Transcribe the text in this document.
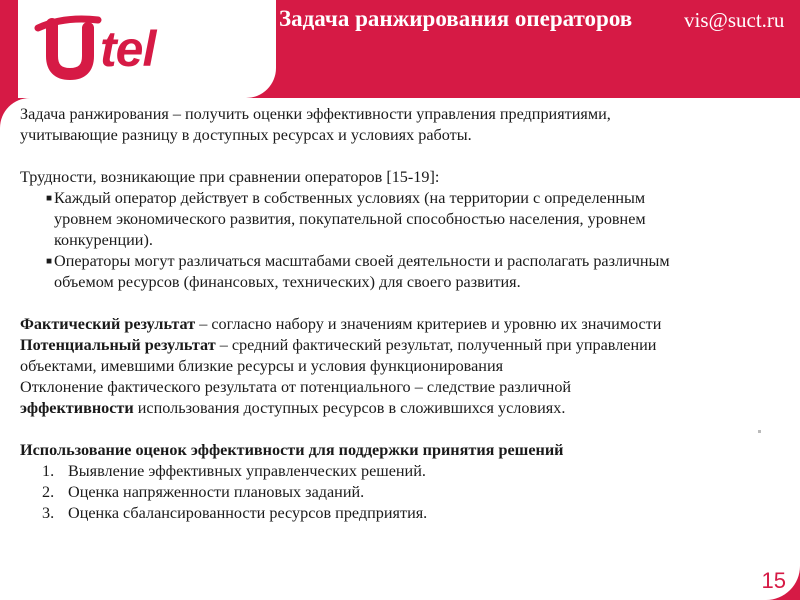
tel
Задача ранжирования операторов vis@suct.ru
15

Задача ранжирования – получить оценки эффективности управления предприятиями,

учитывающие разницу в доступных ресурсах и условиях работы.

Трудности, возникающие при сравнении операторов [15-19]:

■ Каждый оператор действует в собственных условиях (на территории с определенным
уровнем экономического развития, покупательной способностью населения, уровнем
конкуренции).
■ Операторы могут различаться масштабами своей деятельности и располагать различным
объемом ресурсов (финансовых, технических) для своего развития.

Фактический результат – согласно набору и значениям критериев и уровню их значимости

Потенциальный результат – средний фактический результат, полученный при управлении

объектами, имевшими близкие ресурсы и условия функционирования

Отклонение фактического результата от потенциального – следствие различной

эффективности использования доступных ресурсов в сложившихся условиях.

Использование оценок эффективности для поддержки принятия решений

1. Выявление эффективных управленческих решений.
2. Оценка напряженности плановых заданий.
3. Оценка сбалансированности ресурсов предприятия.
